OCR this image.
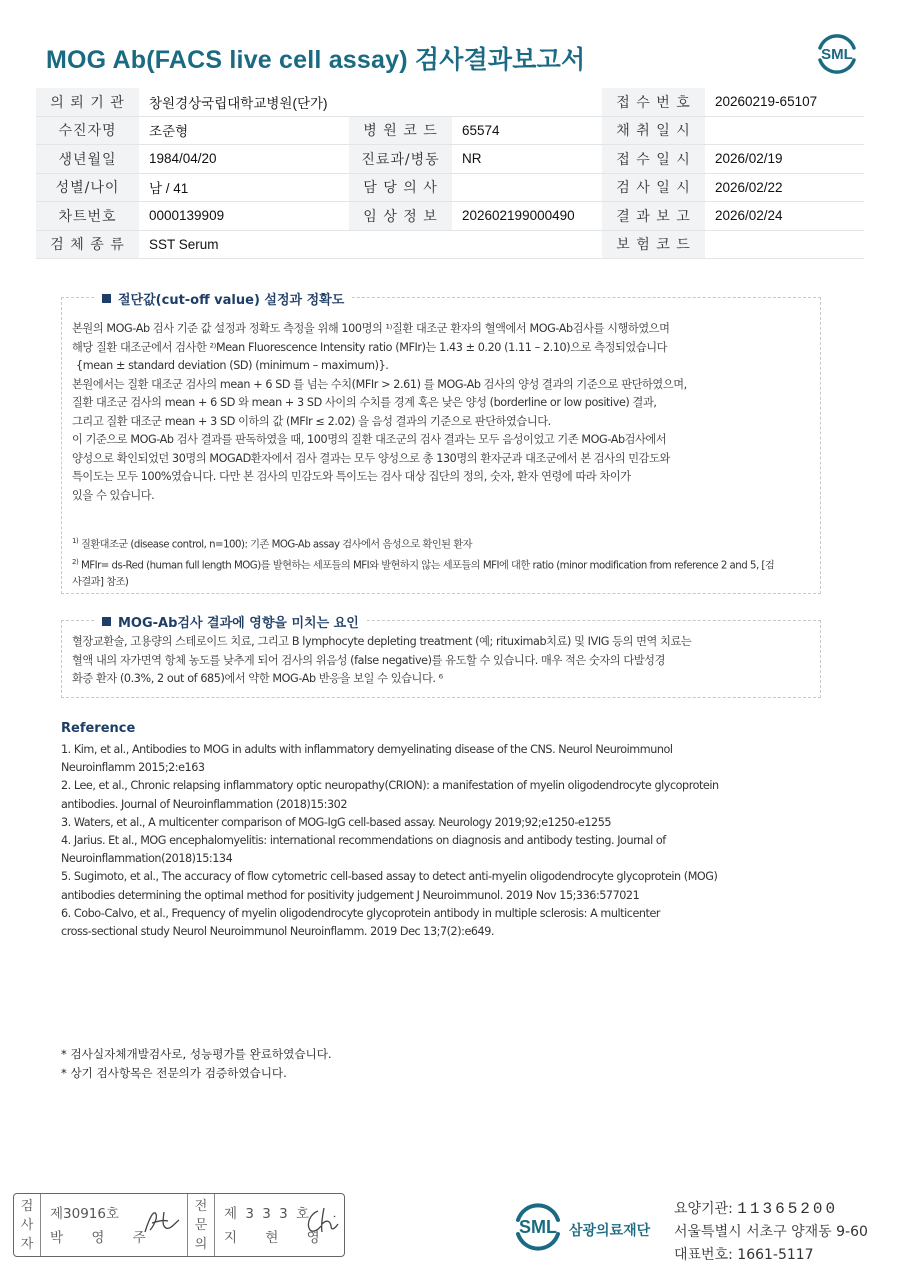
MOG Ab(FACS live cell assay) 검사결과보고서	SML
의 뢰 기 관	창원경상국립대학교병원(단가)			접 수 번 호	20260219-65107
수진자명	조준형	병 원 코 드	65574	채 취 일 시	
생년월일	1984/04/20	진료과/병동	NR	접 수 일 시	2026/02/19
성별/나이	남 / 41	담 당 의 사		검 사 일 시	2026/02/22
차트번호	0000139909	임 상 정 보	202602199000490	결 과 보 고	2026/02/24
검 체 종 류	SST Serum			보 험 코 드	
절단값(cut-off value) 설정과 정확도

본원의 MOG-Ab 검사 기준 값 설정과 정확도 측정을 위해 100명의 ¹⁾질환 대조군 환자의 혈액에서 MOG-Ab검사를 시행하였으며

해당 질환 대조군에서 검사한 ²⁾Mean Fluorescence Intensity ratio (MFIr)는 1.43 ± 0.20 (1.11 – 2.10)으로 측정되었습니다

{mean ± standard deviation (SD) (minimum – maximum)}.

본원에서는 질환 대조군 검사의 mean + 6 SD 를 넘는 수치(MFIr > 2.61) 를 MOG-Ab 검사의 양성 결과의 기준으로 판단하였으며,

질환 대조군 검사의 mean + 6 SD 와 mean + 3 SD 사이의 수치를 경계 혹은 낮은 양성 (borderline or low positive) 결과,

그리고 질환 대조군 mean + 3 SD 이하의 값 (MFIr ≤ 2.02) 을 음성 결과의 기준으로 판단하였습니다.

이 기준으로 MOG-Ab 검사 결과를 판독하였을 때, 100명의 질환 대조군의 검사 결과는 모두 음성이었고 기존 MOG-Ab검사에서

양성으로 확인되었던 30명의 MOGAD환자에서 검사 결과는 모두 양성으로 총 130명의 환자군과 대조군에서 본 검사의 민감도와

특이도는 모두 100%였습니다. 다만 본 검사의 민감도와 특이도는 검사 대상 집단의 정의, 숫자, 환자 연령에 따라 차이가

있을 수 있습니다.

$^{1)}$ 질환대조군 (disease control, n=100): 기존 MOG-Ab assay 검사에서 음성으로 확인된 환자

$^{2)}$ MFIr= ds-Red (human full length MOG)를 발현하는 세포들의 MFI와 발현하지 않는 세포들의 MFI에 대한 ratio (minor modification from reference 2 and 5, [검

사결과] 참조)

MOG-Ab검사 결과에 영향을 미치는 요인

혈장교환술, 고용량의 스테로이드 치료, 그리고 B lymphocyte depleting treatment (예; rituximab치료) 및 IVIG 등의 면역 치료는

혈액 내의 자가면역 항체 농도를 낮추게 되어 검사의 위음성 (false negative)를 유도할 수 있습니다. 매우 적은 숫자의 다발성경

화증 환자 (0.3%, 2 out of 685)에서 약한 MOG-Ab 반응을 보일 수 있습니다. ⁶

Reference
1. Kim, et al., Antibodies to MOG in adults with inflammatory demyelinating disease of the CNS. Neurol Neuroimmunol
Neuroinflamm 2015;2:e163
2. Lee, et al., Chronic relapsing inflammatory optic neuropathy(CRION): a manifestation of myelin oligodendrocyte glycoprotein
antibodies. Journal of Neuroinflammation (2018)15:302
3. Waters, et al., A multicenter comparison of MOG-IgG cell-based assay. Neurology 2019;92;e1250-e1255
4. Jarius. Et al., MOG encephalomyelitis: international recommendations on diagnosis and antibody testing. Journal of
Neuroinflammation(2018)15:134
5. Sugimoto, et al., The accuracy of flow cytometric cell-based assay to detect anti-myelin oligodendrocyte glycoprotein (MOG)
antibodies determining the optimal method for positivity judgement J Neuroimmunol. 2019 Nov 15;336:577021
6. Cobo-Calvo, et al., Frequency of myelin oligodendrocyte glycoprotein antibody in multiple sclerosis: A multicenter
cross-sectional study Neurol Neuroimmunol Neuroinflamm. 2019 Dec 13;7(2):e649.

* 검사실자체개발검사로, 성능평가를 완료하였습니다.

* 상기 검사항목은 전문의가 검증하였습니다.

검사자
제30916호
박 영 주
전문의
제 3 3 3 호
지 현 영
SML 삼광의료재단

요양기관: 11365200

서울특별시 서초구 양재동 9-60

대표번호: 1661-5117
